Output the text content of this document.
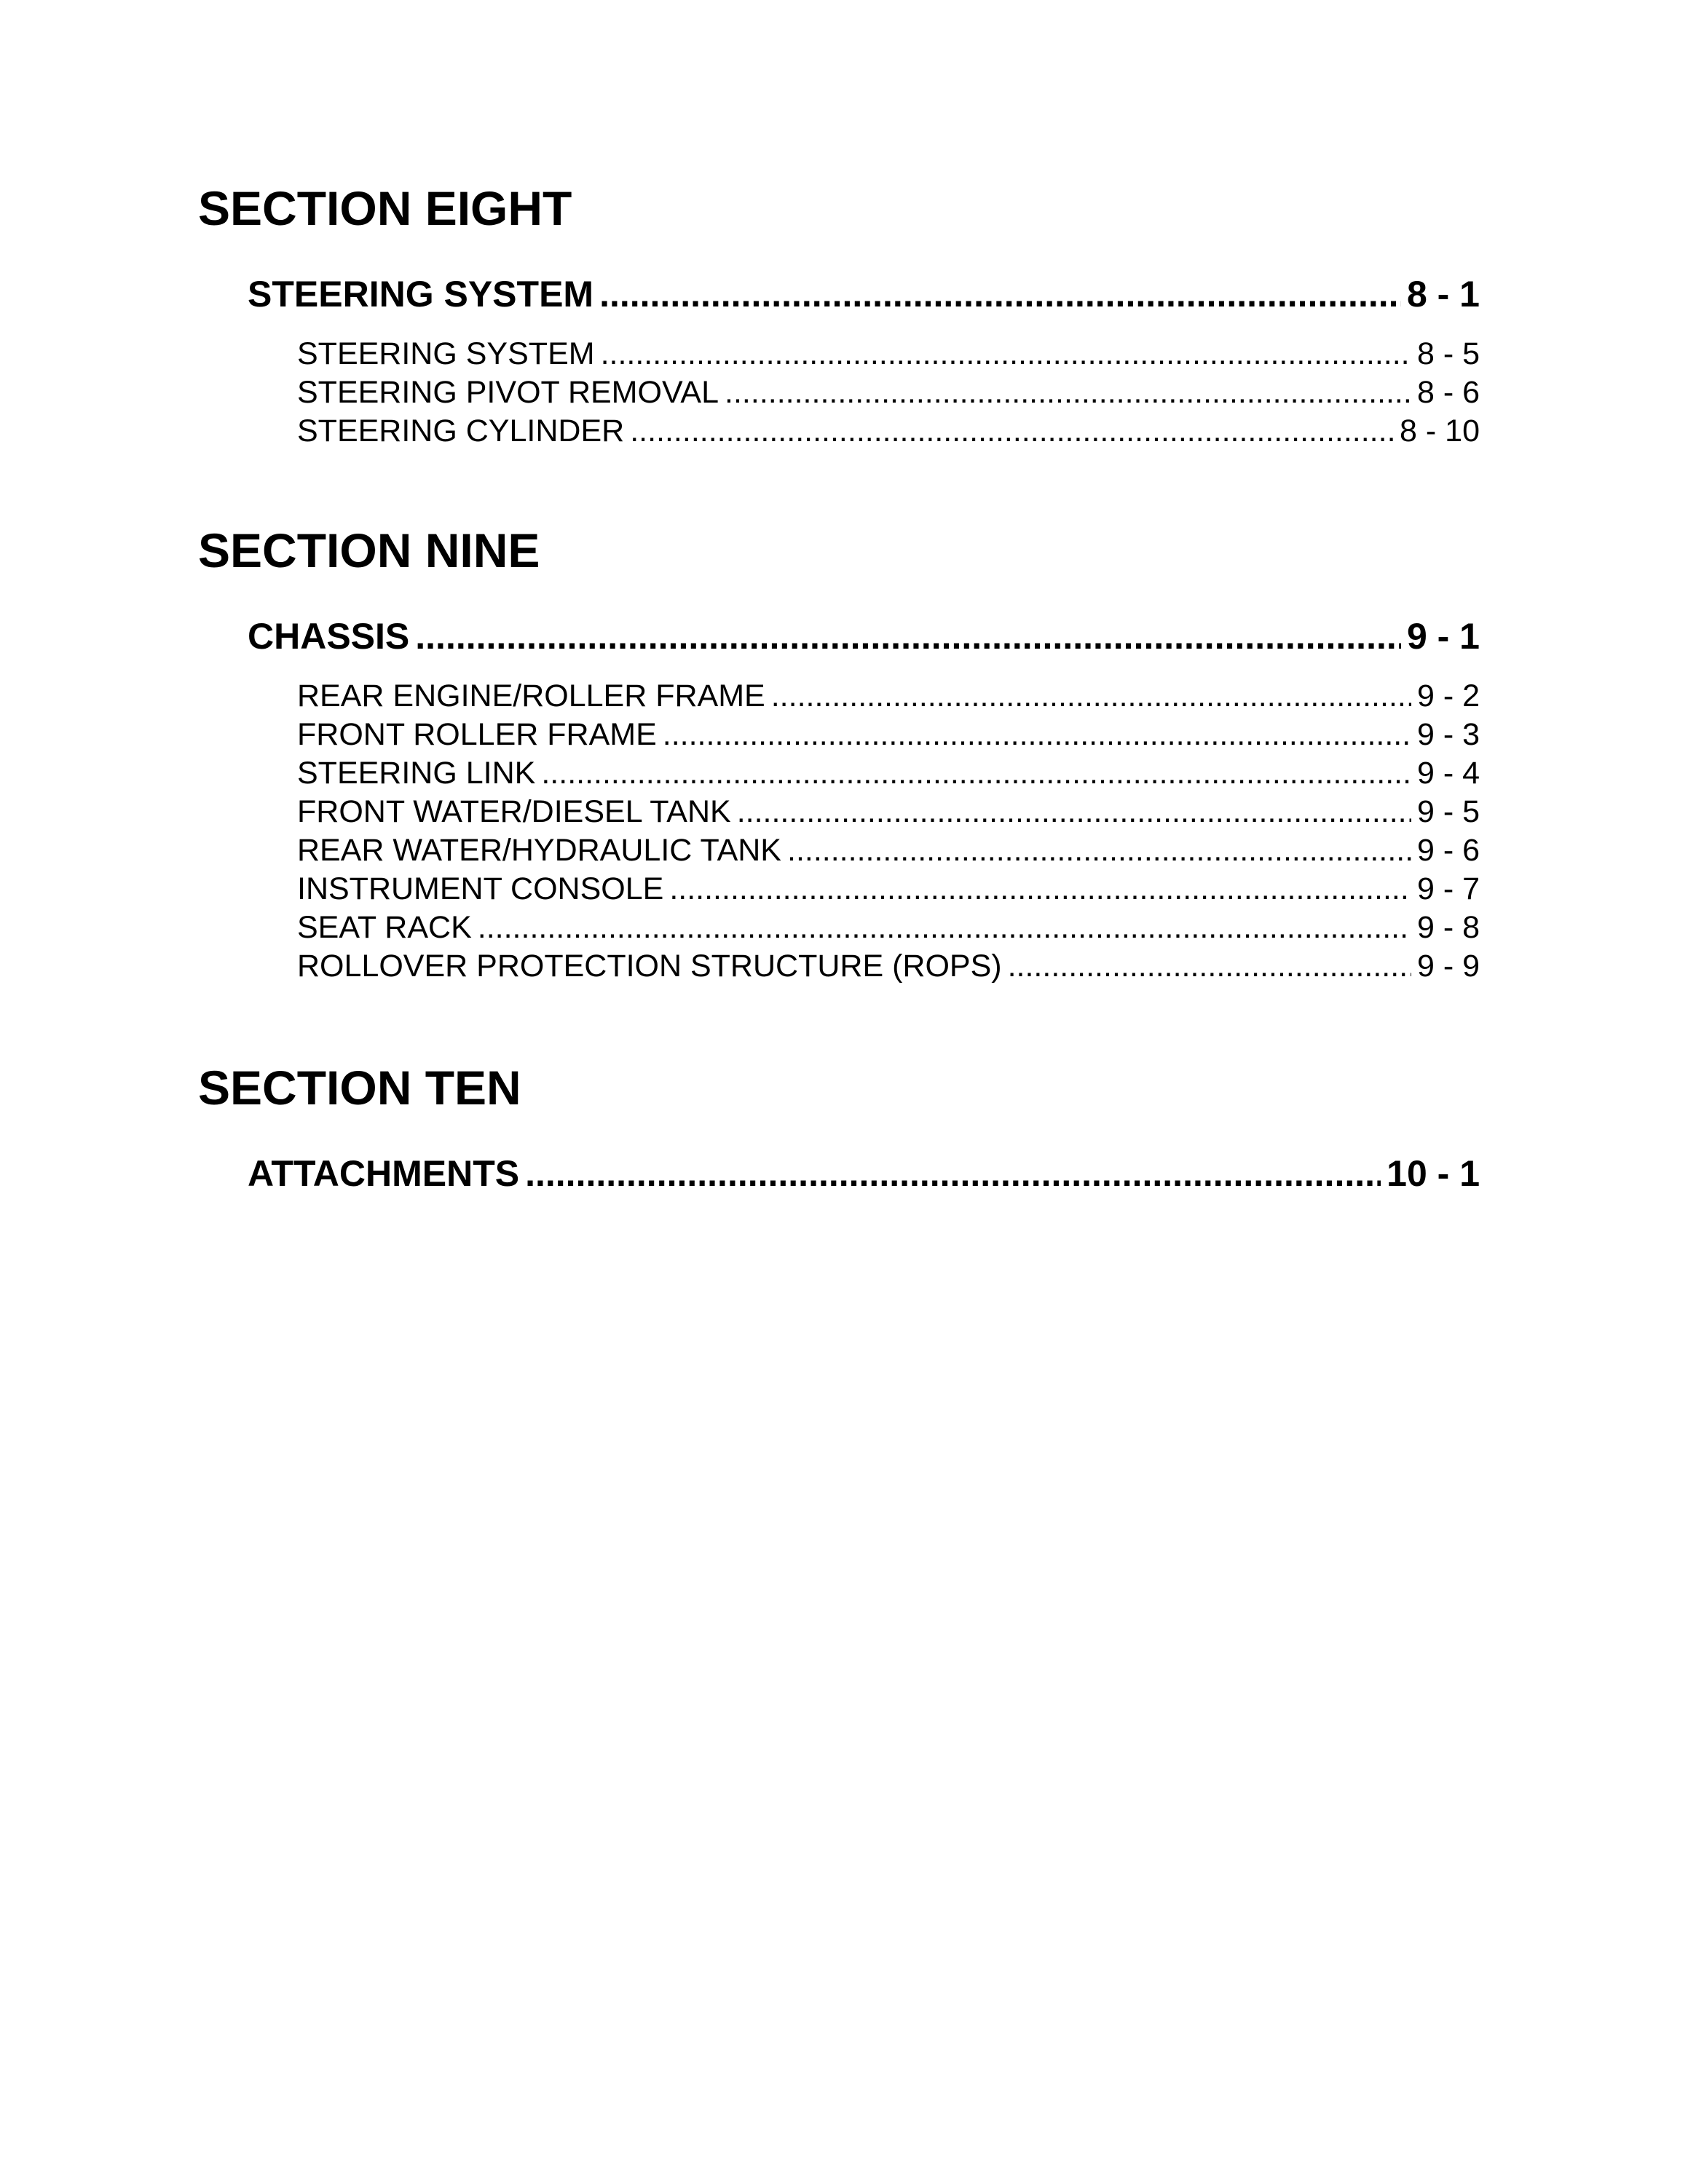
SECTION EIGHT
STEERING SYSTEM .....	8 - 1
STEERING SYSTEM .....	8 - 5
STEERING PIVOT REMOVAL .....	8 - 6
STEERING CYLINDER .....	8 - 10
SECTION NINE
CHASSIS .....	9 - 1
REAR ENGINE/ROLLER FRAME .....	9 - 2
FRONT ROLLER FRAME .....	9 - 3
STEERING LINK .....	9 - 4
FRONT WATER/DIESEL TANK .....	9 - 5
REAR WATER/HYDRAULIC TANK .....	9 - 6
INSTRUMENT CONSOLE .....	9 - 7
SEAT RACK .....	9 - 8
ROLLOVER PROTECTION STRUCTURE (ROPS) .....	9 - 9
SECTION TEN
ATTACHMENTS .....	10 - 1
